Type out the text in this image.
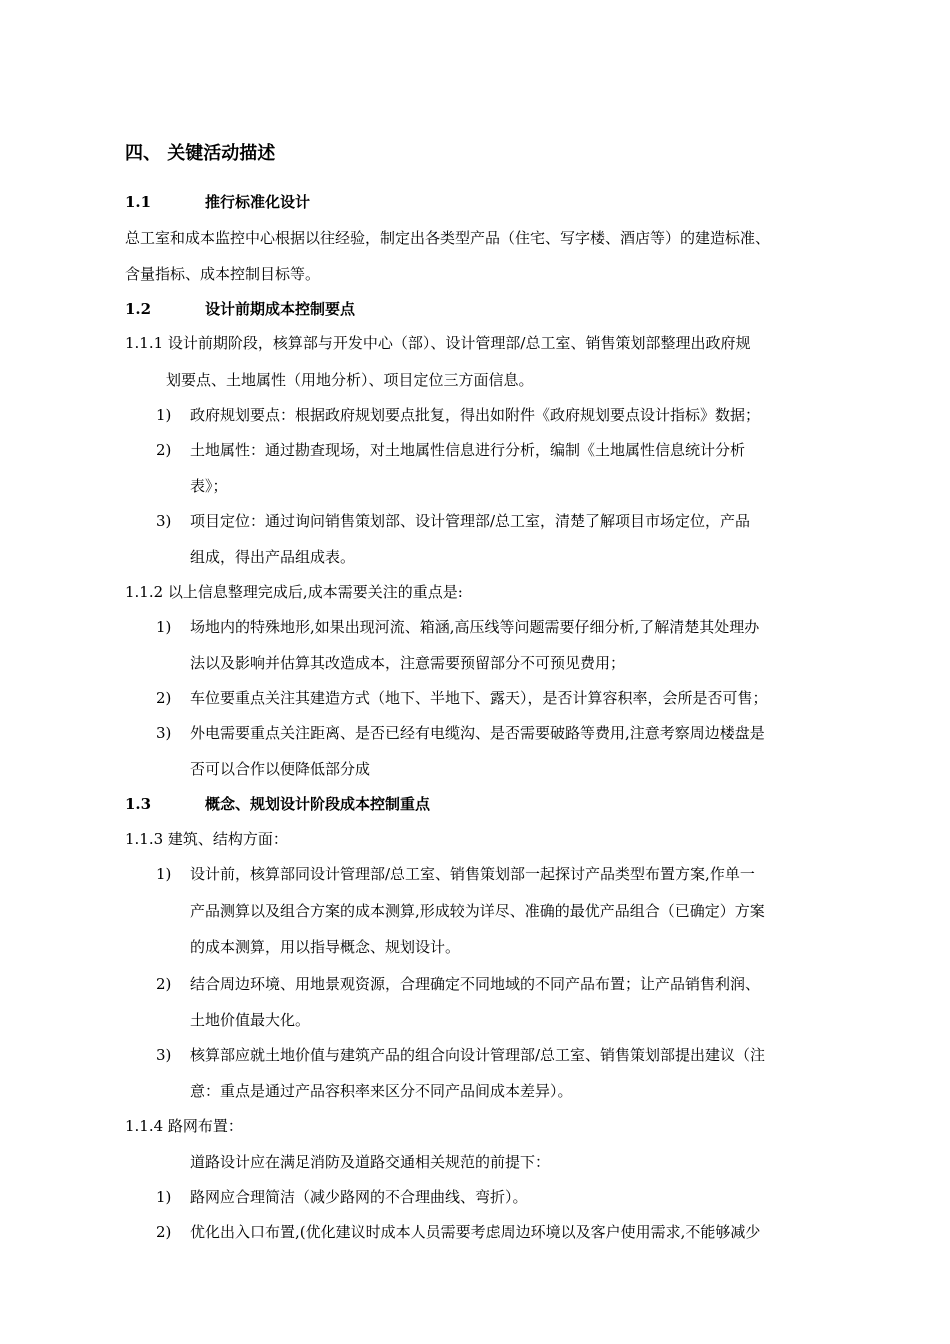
四、 关键活动描述
1.1	推行标准化设计
总工室和成本监控中心根据以往经验，制定出各类型产品（住宅、写字楼、酒店等）的建造标准、
含量指标、成本控制目标等。
1.2	设计前期成本控制要点
1.1.1 设计前期阶段，核算部与开发中心（部）、设计管理部/总工室、销售策划部整理出政府规
划要点、土地属性（用地分析）、项目定位三方面信息。
1) 政府规划要点：根据政府规划要点批复，得出如附件《政府规划要点设计指标》数据；
2) 土地属性：通过勘查现场，对土地属性信息进行分析，编制《土地属性信息统计分析
表》；
3) 项目定位：通过询问销售策划部、设计管理部/总工室，清楚了解项目市场定位，产品
组成，得出产品组成表。
1.1.2 以上信息整理完成后,成本需要关注的重点是:
1) 场地内的特殊地形,如果出现河流、箱涵,高压线等问题需要仔细分析,了解清楚其处理办
法以及影响并估算其改造成本，注意需要预留部分不可预见费用；
2) 车位要重点关注其建造方式（地下、半地下、露天），是否计算容积率，会所是否可售；
3) 外电需要重点关注距离、是否已经有电缆沟、是否需要破路等费用,注意考察周边楼盘是
否可以合作以便降低部分成
1.3	概念、规划设计阶段成本控制重点
1.1.3 建筑、结构方面：
1) 设计前，核算部同设计管理部/总工室、销售策划部一起探讨产品类型布置方案,作单一
产品测算以及组合方案的成本测算,形成较为详尽、准确的最优产品组合（已确定）方案
的成本测算，用以指导概念、规划设计。
2) 结合周边环境、用地景观资源，合理确定不同地域的不同产品布置；让产品销售利润、
土地价值最大化。
3) 核算部应就土地价值与建筑产品的组合向设计管理部/总工室、销售策划部提出建议（注
意：重点是通过产品容积率来区分不同产品间成本差异）。
1.1.4 路网布置：
道路设计应在满足消防及道路交通相关规范的前提下：
1) 路网应合理简洁（减少路网的不合理曲线、弯折）。
2) 优化出入口布置,(优化建议时成本人员需要考虑周边环境以及客户使用需求,不能够减少
